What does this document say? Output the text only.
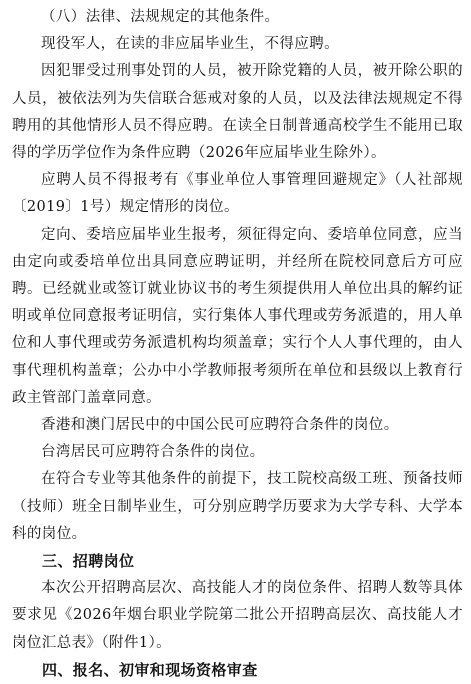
（八）法律、法规规定的其他条件。

现役军人，在读的非应届毕业生，不得应聘。

因犯罪受过刑事处罚的人员，被开除党籍的人员，被开除公职的人员，被依法列为失信联合惩戒对象的人员，以及法律法规规定不得聘用的其他情形人员不得应聘。在读全日制普通高校学生不能用已取得的学历学位作为条件应聘（2026年应届毕业生除外）。

应聘人员不得报考有《事业单位人事管理回避规定》（人社部规〔2019〕1号）规定情形的岗位。

定向、委培应届毕业生报考，须征得定向、委培单位同意，应当由定向或委培单位出具同意应聘证明，并经所在院校同意后方可应聘。已经就业或签订就业协议书的考生须提供用人单位出具的解约证明或单位同意报考证明信，实行集体人事代理或劳务派遣的，用人单位和人事代理或劳务派遣机构均须盖章；实行个人人事代理的，由人事代理机构盖章；公办中小学教师报考须所在单位和县级以上教育行政主管部门盖章同意。

香港和澳门居民中的中国公民可应聘符合条件的岗位。

台湾居民可应聘符合条件的岗位。

在符合专业等其他条件的前提下，技工院校高级工班、预备技师（技师）班全日制毕业生，可分别应聘学历要求为大学专科、大学本科的岗位。

三、招聘岗位

本次公开招聘高层次、高技能人才的岗位条件、招聘人数等具体要求见《2026年烟台职业学院第二批公开招聘高层次、高技能人才岗位汇总表》（附件1）。

四、报名、初审和现场资格审查
